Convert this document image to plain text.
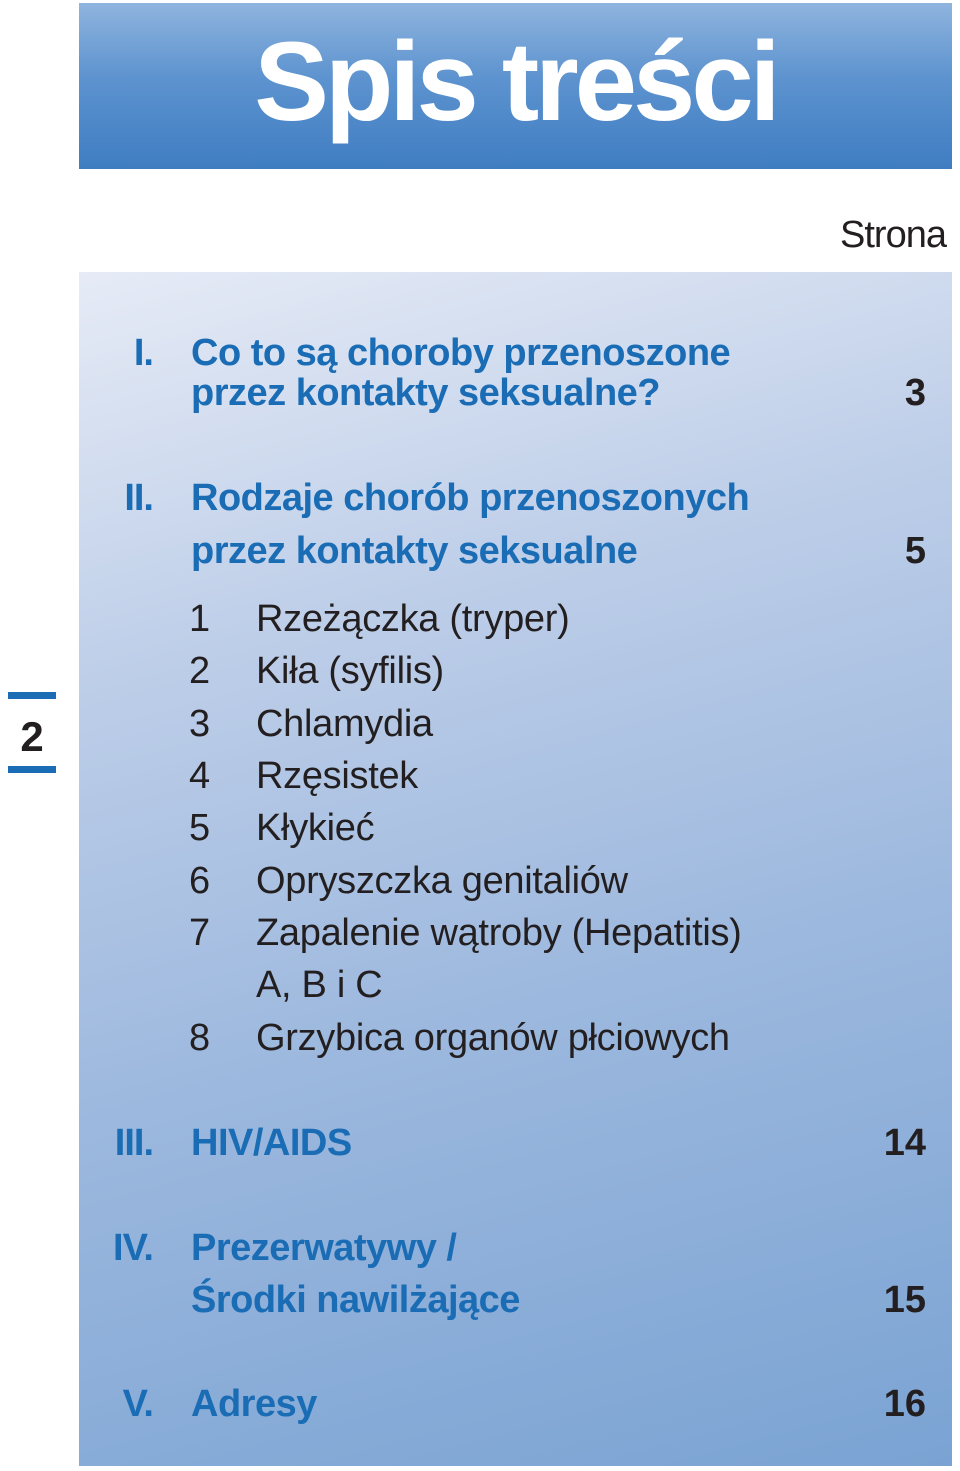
Spis treści
Strona
2
I. Co to są choroby przenoszone
przez kontakty seksualne?	3
II. Rodzaje chorób przenoszonych
przez kontakty seksualne	5
1 Rzeżączka (tryper)
2 Kiła (syfilis)
3 Chlamydia
4 Rzęsistek
5 Kłykieć
6 Opryszczka genitaliów
7 Zapalenie wątroby (Hepatitis)
A, B i C
8 Grzybica organów płciowych
III. HIV/AIDS	14
IV. Prezerwatywy /
Środki nawilżające	15
V. Adresy	16
